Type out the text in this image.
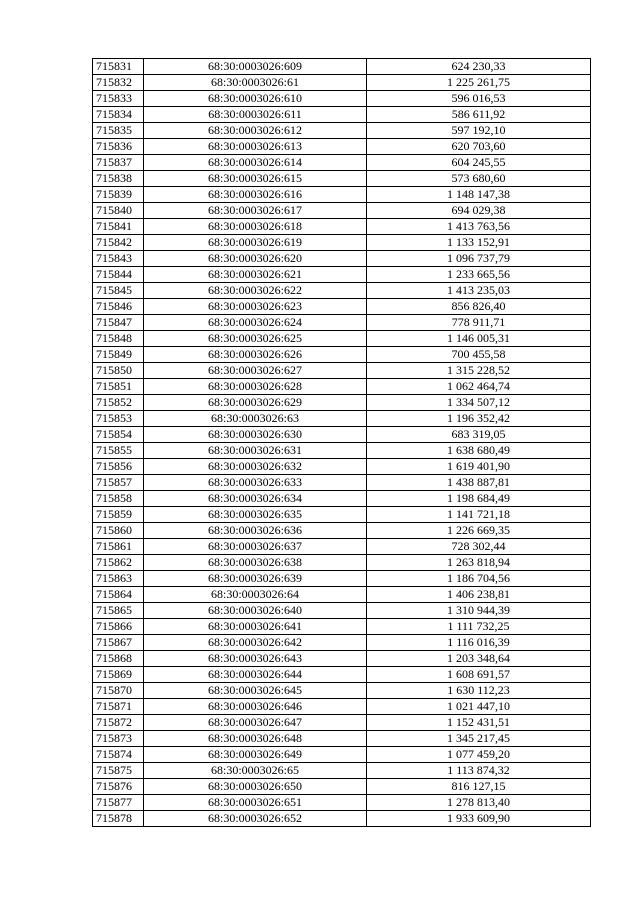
715831	68:30:0003026:609	624 230,33
715832	68:30:0003026:61	1 225 261,75
715833	68:30:0003026:610	596 016,53
715834	68:30:0003026:611	586 611,92
715835	68:30:0003026:612	597 192,10
715836	68:30:0003026:613	620 703,60
715837	68:30:0003026:614	604 245,55
715838	68:30:0003026:615	573 680,60
715839	68:30:0003026:616	1 148 147,38
715840	68:30:0003026:617	694 029,38
715841	68:30:0003026:618	1 413 763,56
715842	68:30:0003026:619	1 133 152,91
715843	68:30:0003026:620	1 096 737,79
715844	68:30:0003026:621	1 233 665,56
715845	68:30:0003026:622	1 413 235,03
715846	68:30:0003026:623	856 826,40
715847	68:30:0003026:624	778 911,71
715848	68:30:0003026:625	1 146 005,31
715849	68:30:0003026:626	700 455,58
715850	68:30:0003026:627	1 315 228,52
715851	68:30:0003026:628	1 062 464,74
715852	68:30:0003026:629	1 334 507,12
715853	68:30:0003026:63	1 196 352,42
715854	68:30:0003026:630	683 319,05
715855	68:30:0003026:631	1 638 680,49
715856	68:30:0003026:632	1 619 401,90
715857	68:30:0003026:633	1 438 887,81
715858	68:30:0003026:634	1 198 684,49
715859	68:30:0003026:635	1 141 721,18
715860	68:30:0003026:636	1 226 669,35
715861	68:30:0003026:637	728 302,44
715862	68:30:0003026:638	1 263 818,94
715863	68:30:0003026:639	1 186 704,56
715864	68:30:0003026:64	1 406 238,81
715865	68:30:0003026:640	1 310 944,39
715866	68:30:0003026:641	1 111 732,25
715867	68:30:0003026:642	1 116 016,39
715868	68:30:0003026:643	1 203 348,64
715869	68:30:0003026:644	1 608 691,57
715870	68:30:0003026:645	1 630 112,23
715871	68:30:0003026:646	1 021 447,10
715872	68:30:0003026:647	1 152 431,51
715873	68:30:0003026:648	1 345 217,45
715874	68:30:0003026:649	1 077 459,20
715875	68:30:0003026:65	1 113 874,32
715876	68:30:0003026:650	816 127,15
715877	68:30:0003026:651	1 278 813,40
715878	68:30:0003026:652	1 933 609,90
